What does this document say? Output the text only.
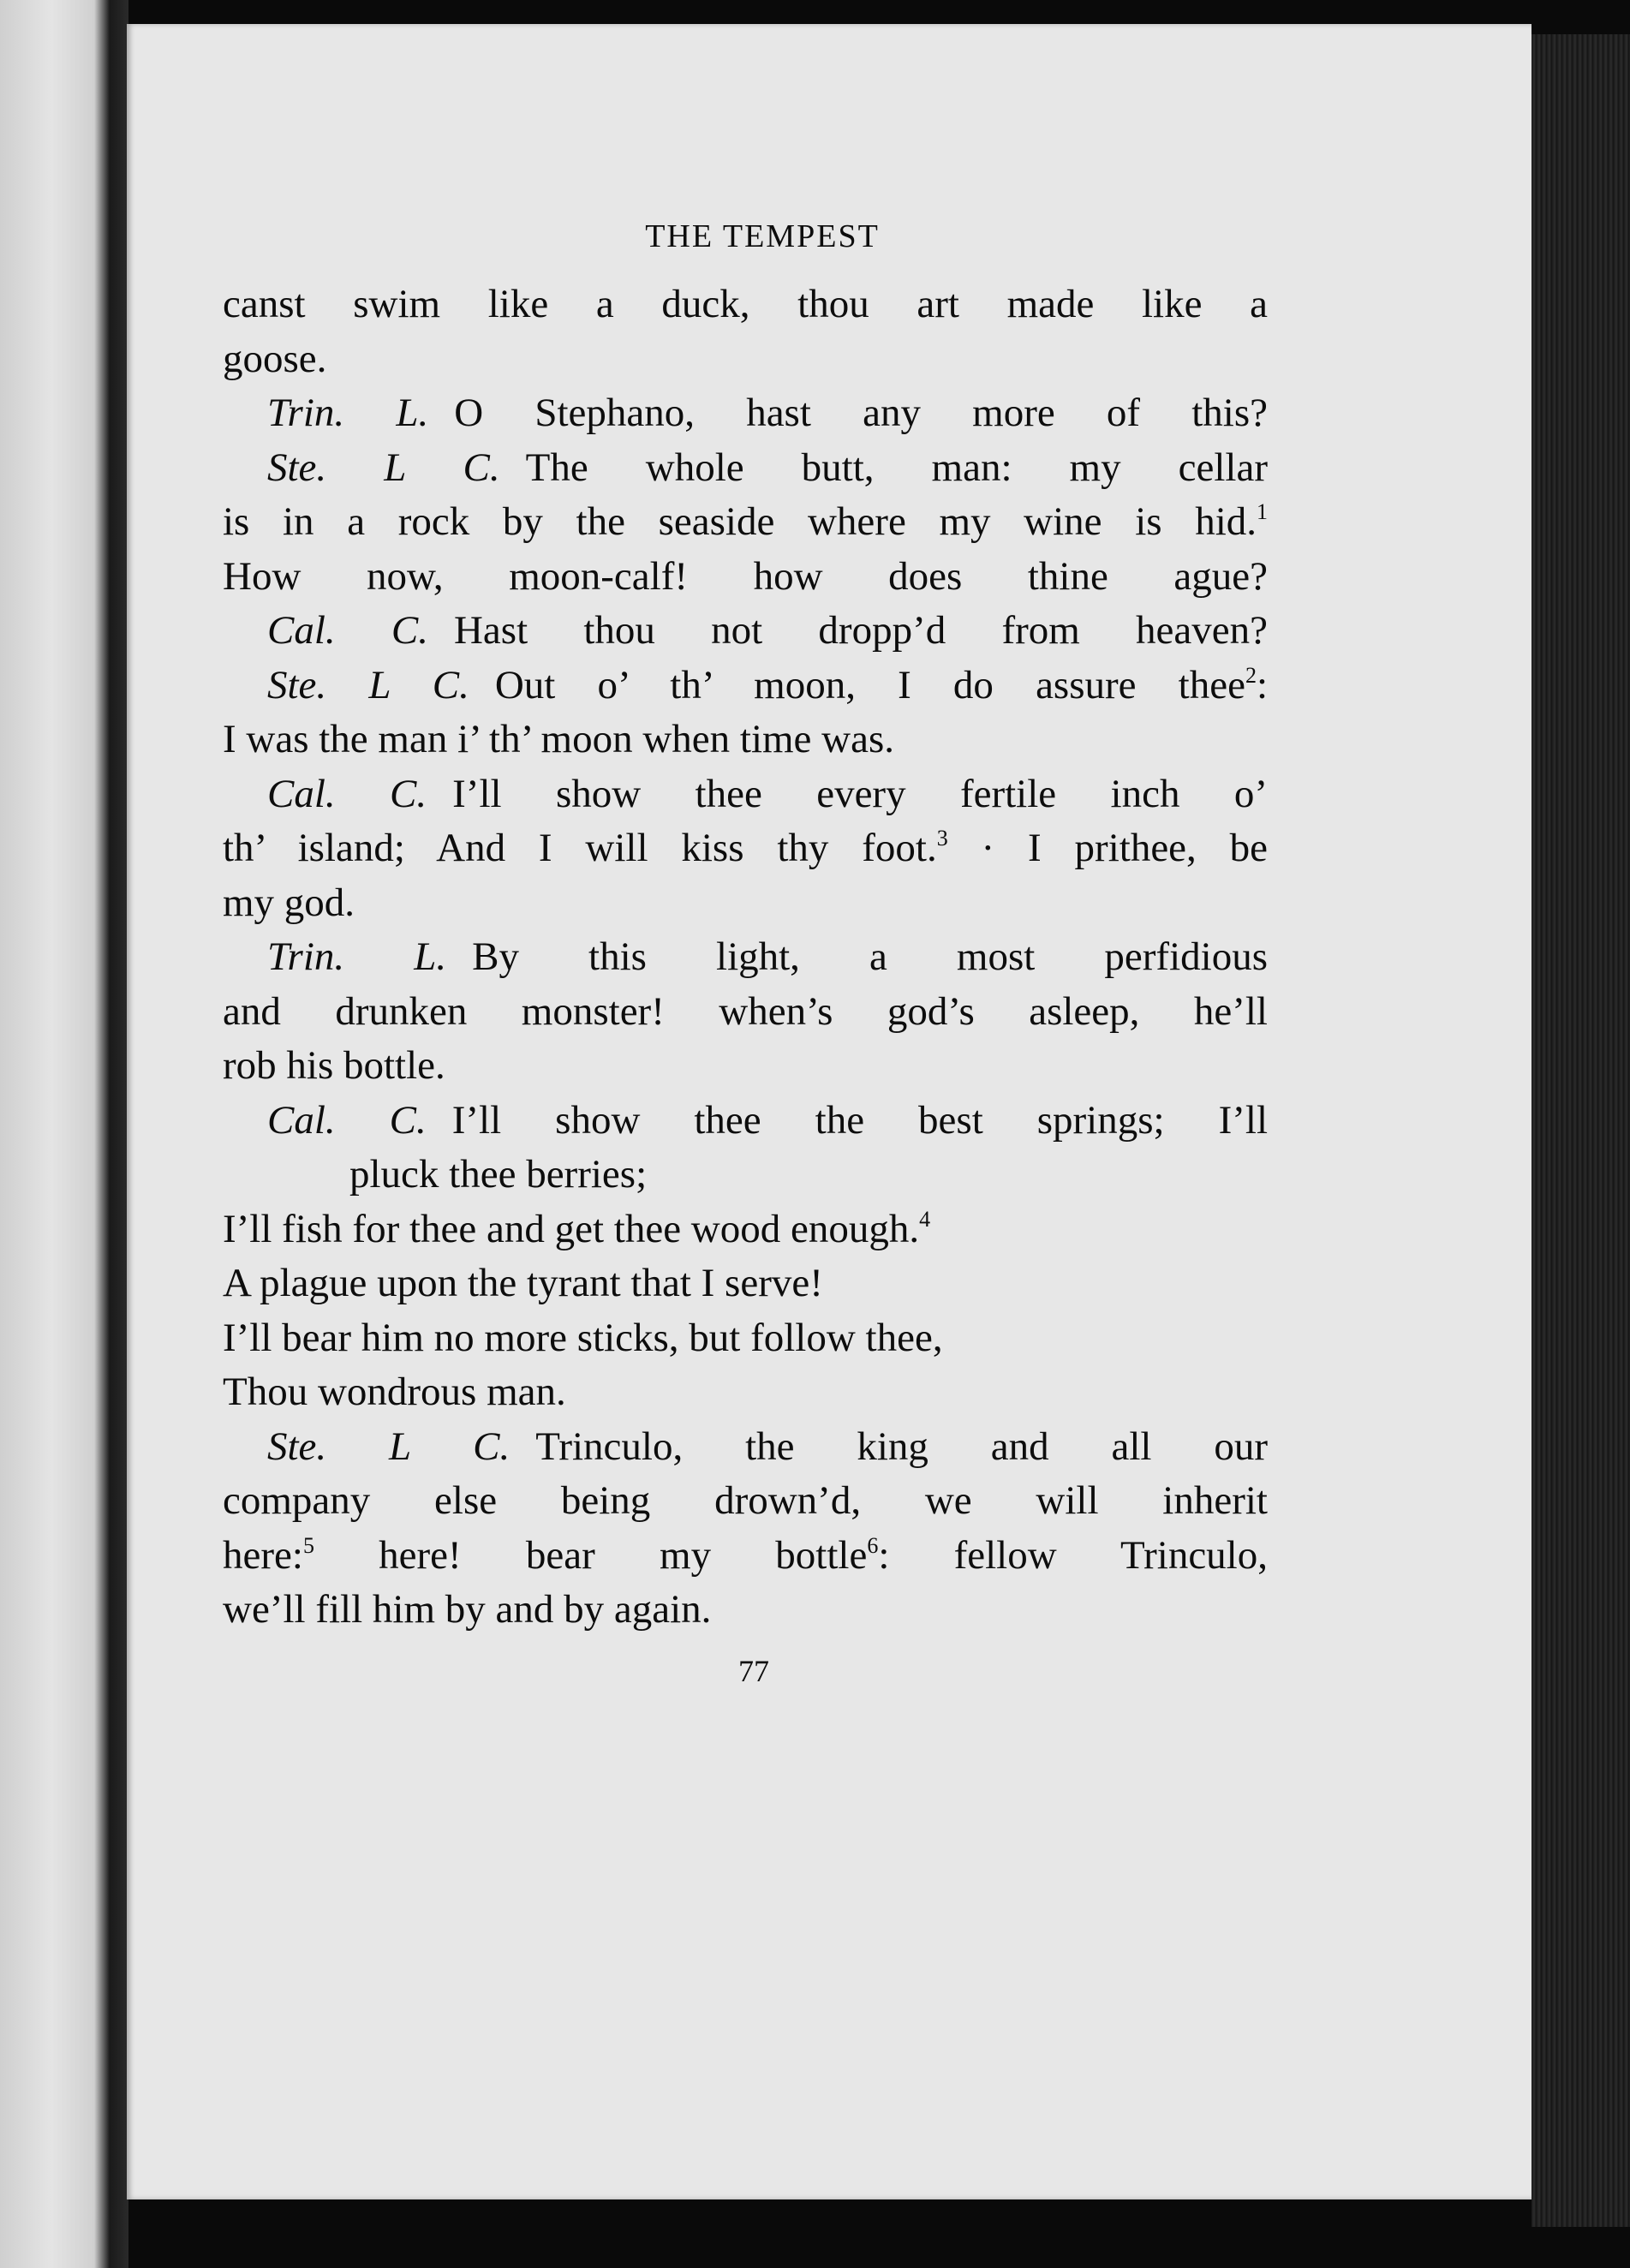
THE TEMPEST
canst swim like a duck, thou art made like a
goose.
Trin. L. O Stephano, hast any more of this?
Ste. L C. The whole butt, man: my cellar
is in a rock by the seaside where my wine is hid.$^1$
How now, moon-calf! how does thine ague?
Cal. C. Hast thou not dropp’d from heaven?
Ste. L C. Out o’ th’ moon, I do assure thee$^2$:
I was the man i’ th’ moon when time was.
Cal. C. I’ll show thee every fertile inch o’
th’ island; And I will kiss thy foot.$^3$ · I prithee, be
my god.
Trin. L. By this light, a most perfidious
and drunken monster! when’s god’s asleep, he’ll
rob his bottle.
Cal. C. I’ll show thee the best springs; I’ll
pluck thee berries;
I’ll fish for thee and get thee wood enough.$^4$
A plague upon the tyrant that I serve!
I’ll bear him no more sticks, but follow thee,
Thou wondrous man.
Ste. L C. Trinculo, the king and all our
company else being drown’d, we will inherit
here:$^5$ here! bear my bottle$^6$: fellow Trinculo,
we’ll fill him by and by again.
77
